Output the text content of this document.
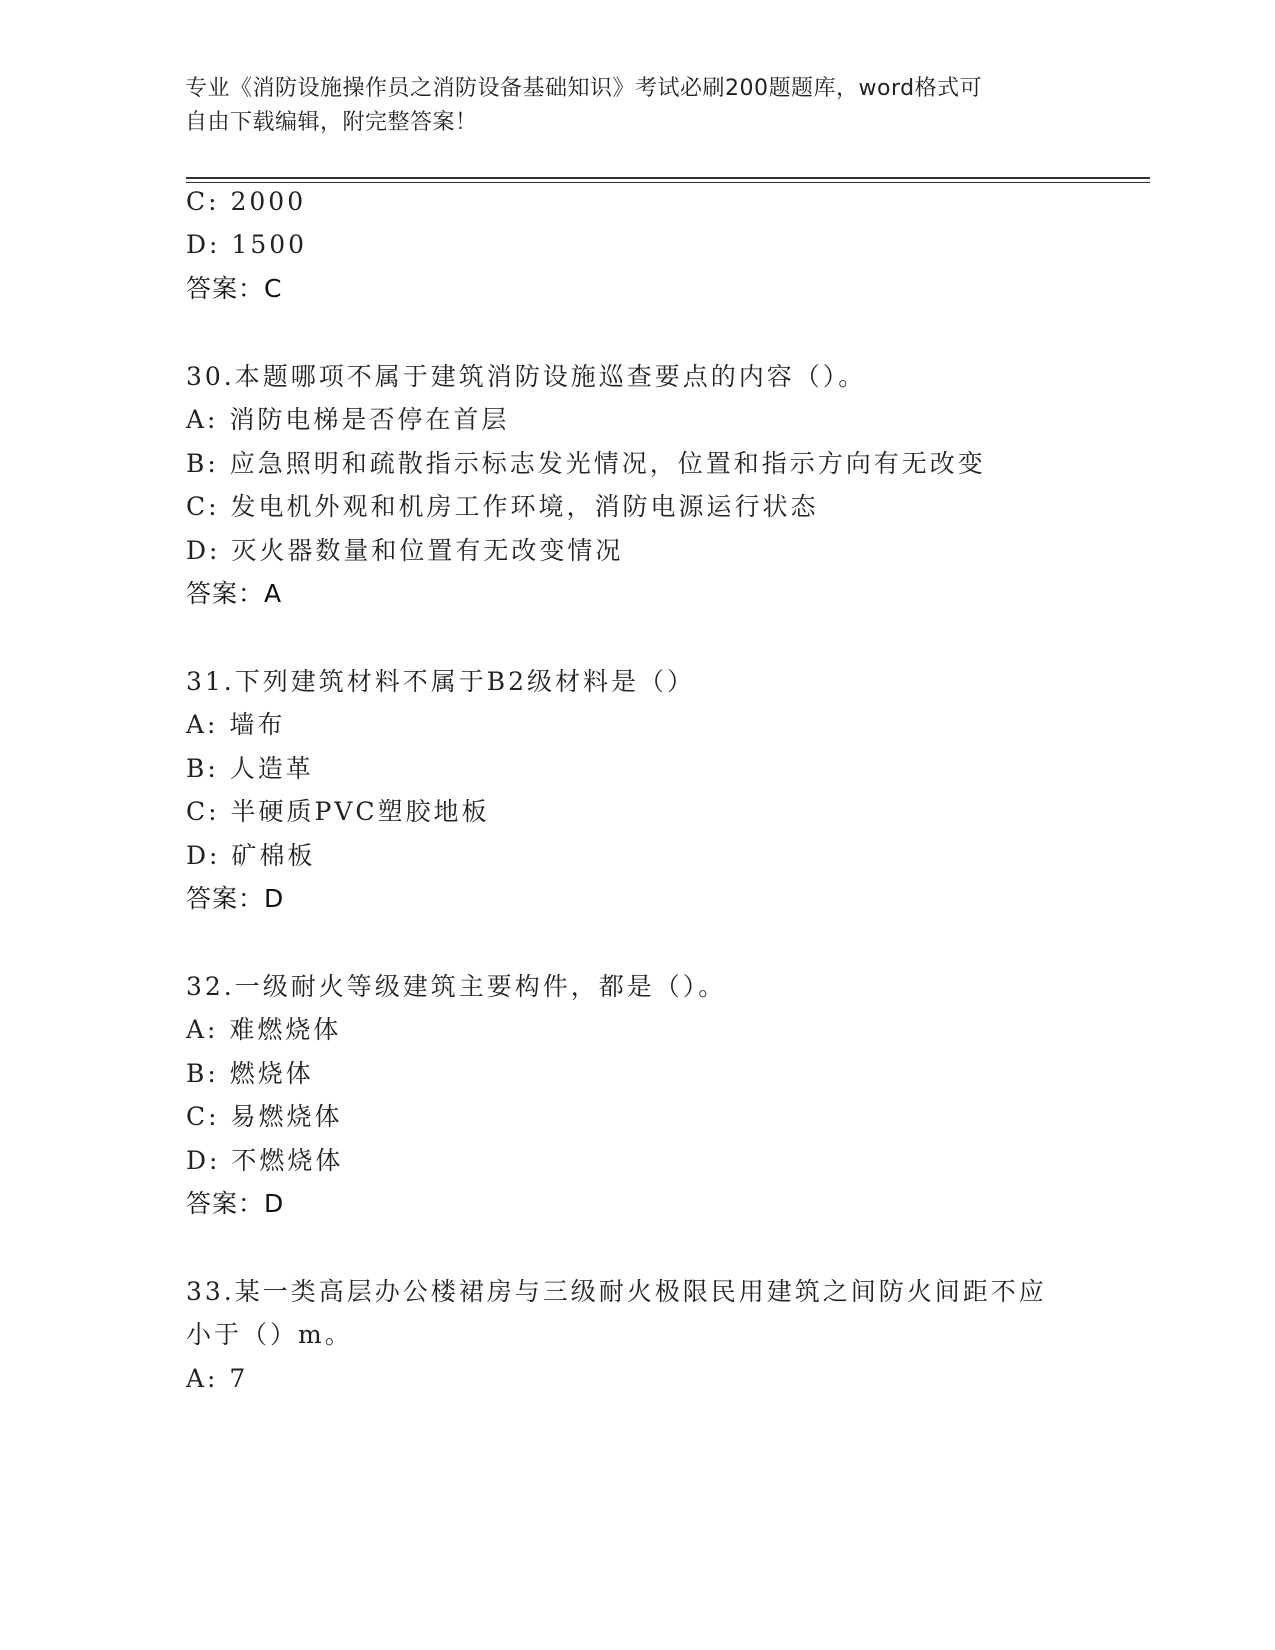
专业《消防设施操作员之消防设备基础知识》考试必刷200题题库，word格式可
自由下载编辑，附完整答案！
C: 2000
D: 1500
答案：C
30.本题哪项不属于建筑消防设施巡查要点的内容（）。
A: 消防电梯是否停在首层
B: 应急照明和疏散指示标志发光情况，位置和指示方向有无改变
C: 发电机外观和机房工作环境，消防电源运行状态
D: 灭火器数量和位置有无改变情况
答案：A
31.下列建筑材料不属于B2级材料是（）
A: 墙布
B: 人造革
C: 半硬质PVC塑胶地板
D: 矿棉板
答案：D
32.一级耐火等级建筑主要构件，都是（）。
A: 难燃烧体
B: 燃烧体
C: 易燃烧体
D: 不燃烧体
答案：D
33.某一类高层办公楼裙房与三级耐火极限民用建筑之间防火间距不应
小于（）m。
A: 7
